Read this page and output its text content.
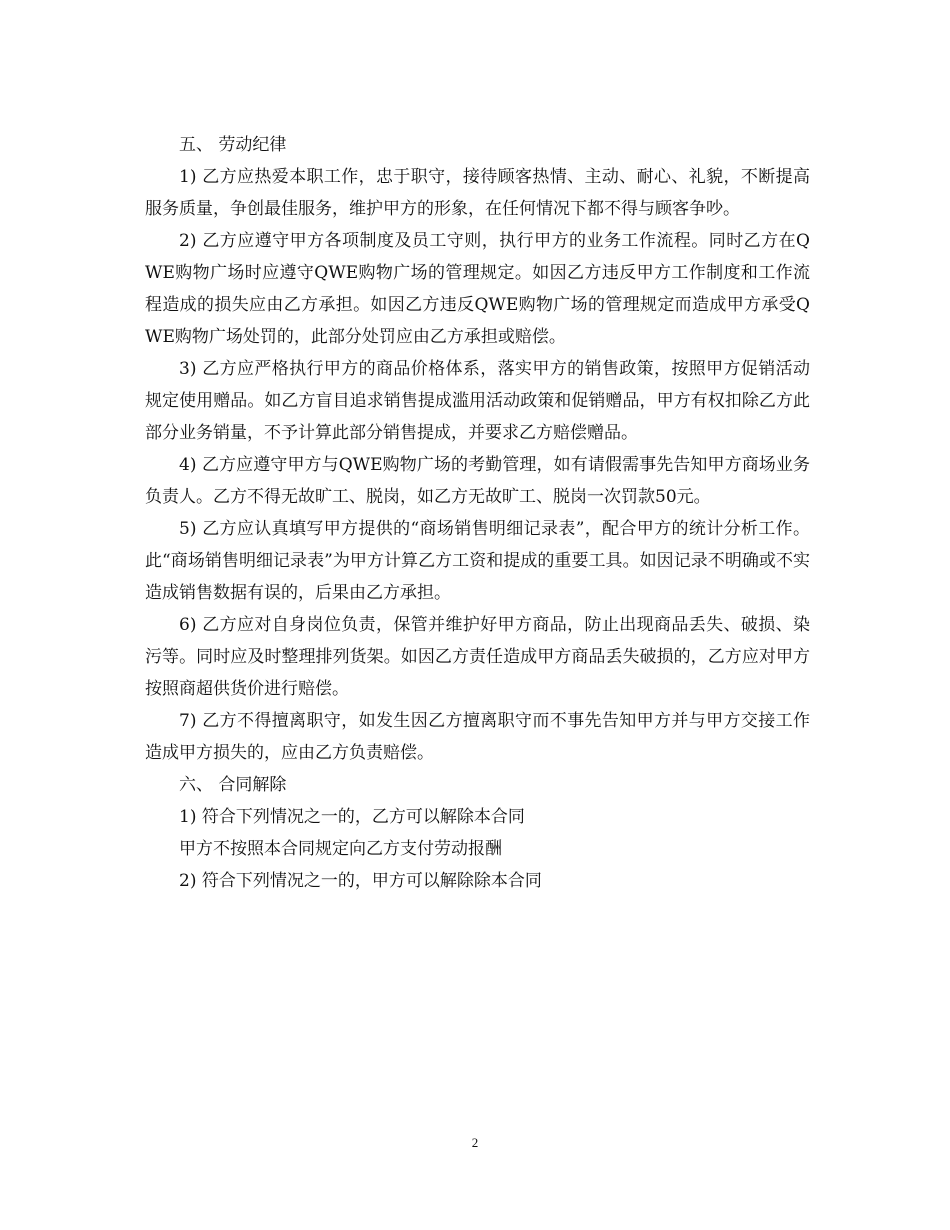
五、 劳动纪律

1) 乙方应热爱本职工作，忠于职守，接待顾客热情、主动、耐心、礼貌，不断提高服务质量，争创最佳服务，维护甲方的形象，在任何情况下都不得与顾客争吵。

2) 乙方应遵守甲方各项制度及员工守则，执行甲方的业务工作流程。同时乙方在QWE购物广场时应遵守QWE购物广场的管理规定。如因乙方违反甲方工作制度和工作流程造成的损失应由乙方承担。如因乙方违反QWE购物广场的管理规定而造成甲方承受QWE购物广场处罚的，此部分处罚应由乙方承担或赔偿。

3) 乙方应严格执行甲方的商品价格体系，落实甲方的销售政策，按照甲方促销活动规定使用赠品。如乙方盲目追求销售提成滥用活动政策和促销赠品，甲方有权扣除乙方此部分业务销量，不予计算此部分销售提成，并要求乙方赔偿赠品。

4) 乙方应遵守甲方与QWE购物广场的考勤管理，如有请假需事先告知甲方商场业务负责人。乙方不得无故旷工、脱岗，如乙方无故旷工、脱岗一次罚款50元。

5) 乙方应认真填写甲方提供的“商场销售明细记录表”，配合甲方的统计分析工作。此“商场销售明细记录表”为甲方计算乙方工资和提成的重要工具。如因记录不明确或不实造成销售数据有误的，后果由乙方承担。

6) 乙方应对自身岗位负责，保管并维护好甲方商品，防止出现商品丢失、破损、染污等。同时应及时整理排列货架。如因乙方责任造成甲方商品丢失破损的，乙方应对甲方按照商超供货价进行赔偿。

7) 乙方不得擅离职守，如发生因乙方擅离职守而不事先告知甲方并与甲方交接工作造成甲方损失的，应由乙方负责赔偿。

六、 合同解除

1) 符合下列情况之一的，乙方可以解除本合同

甲方不按照本合同规定向乙方支付劳动报酬

2) 符合下列情况之一的，甲方可以解除除本合同

2
